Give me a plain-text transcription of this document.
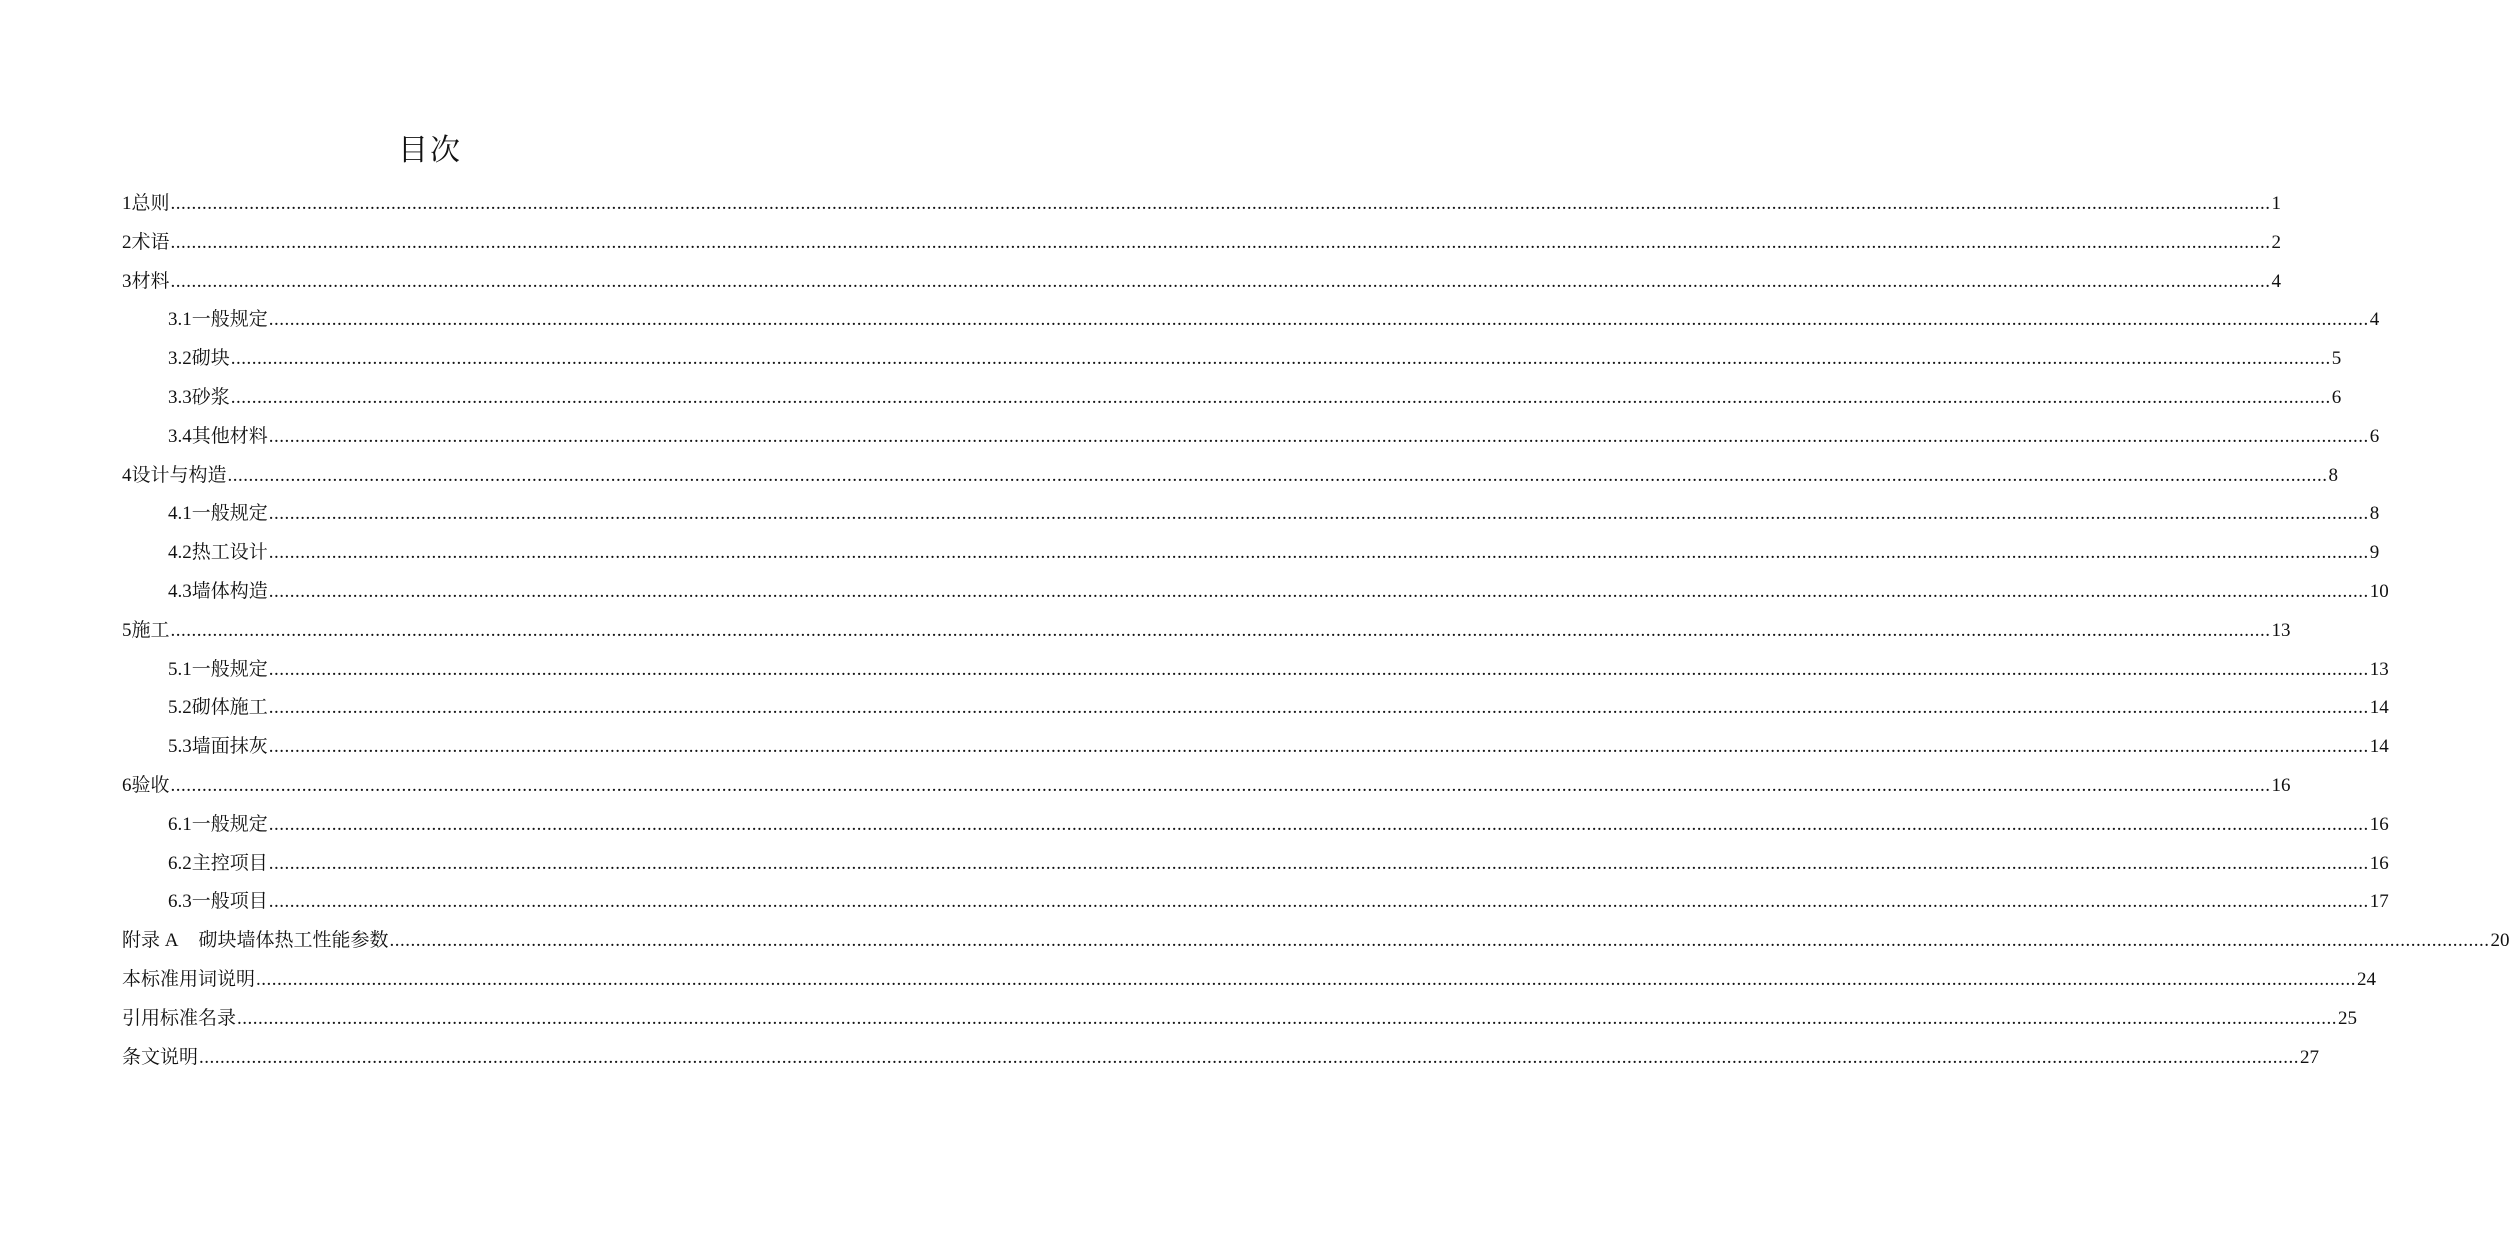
目次
1 总则 ................................................................................................................................................................................................................................................................................................................................................................................................................ 1
2 术语 ................................................................................................................................................................................................................................................................................................................................................................................................................ 2
3 材料 ................................................................................................................................................................................................................................................................................................................................................................................................................ 4
3.1 一般规定 ................................................................................................................................................................................................................................................................................................................................................................................................................ 4
3.2 砌块 ................................................................................................................................................................................................................................................................................................................................................................................................................ 5
3.3 砂浆 ................................................................................................................................................................................................................................................................................................................................................................................................................ 6
3.4 其他材料 ................................................................................................................................................................................................................................................................................................................................................................................................................ 6
4 设计与构造 ................................................................................................................................................................................................................................................................................................................................................................................................................ 8
4.1 一般规定 ................................................................................................................................................................................................................................................................................................................................................................................................................ 8
4.2 热工设计 ................................................................................................................................................................................................................................................................................................................................................................................................................ 9
4.3 墙体构造 ................................................................................................................................................................................................................................................................................................................................................................................................................ 10
5 施工 ................................................................................................................................................................................................................................................................................................................................................................................................................ 13
5.1 一般规定 ................................................................................................................................................................................................................................................................................................................................................................................................................ 13
5.2 砌体施工 ................................................................................................................................................................................................................................................................................................................................................................................................................ 14
5.3 墙面抹灰 ................................................................................................................................................................................................................................................................................................................................................................................................................ 14
6 验收 ................................................................................................................................................................................................................................................................................................................................................................................................................ 16
6.1 一般规定 ................................................................................................................................................................................................................................................................................................................................................................................................................ 16
6.2 主控项目 ................................................................................................................................................................................................................................................................................................................................................................................................................ 16
6.3 一般项目 ................................................................................................................................................................................................................................................................................................................................................................................................................ 17
附录 A 砌块墙体热工性能参数 ................................................................................................................................................................................................................................................................................................................................................................................................................ 20
本标准用词说明 ................................................................................................................................................................................................................................................................................................................................................................................................................ 24
引用标准名录 ................................................................................................................................................................................................................................................................................................................................................................................................................ 25
条文说明 ................................................................................................................................................................................................................................................................................................................................................................................................................ 27
